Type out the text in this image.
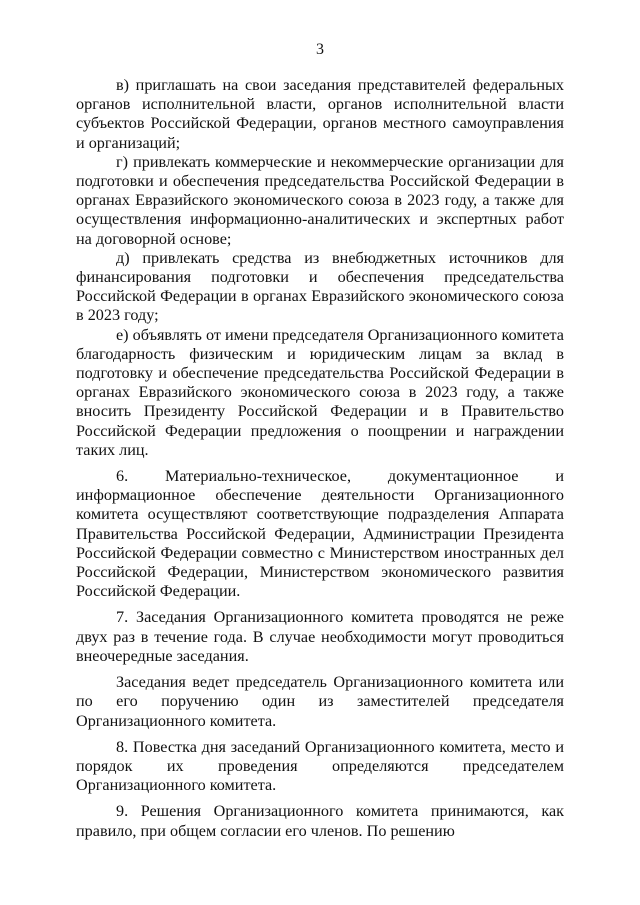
3

в) приглашать на свои заседания представителей федеральных органов исполнительной власти, органов исполнительной власти субъектов Российской Федерации, органов местного самоуправления и организаций;

г) привлекать коммерческие и некоммерческие организации для подготовки и обеспечения председательства Российской Федерации в органах Евразийского экономического союза в 2023 году, а также для осуществления информационно-аналитических и экспертных работ на договорной основе;

д) привлекать средства из внебюджетных источников для финансирования подготовки и обеспечения председательства Российской Федерации в органах Евразийского экономического союза в 2023 году;

е) объявлять от имени председателя Организационного комитета благодарность физическим и юридическим лицам за вклад в подготовку и обеспечение председательства Российской Федерации в органах Евразийского экономического союза в 2023 году, а также вносить Президенту Российской Федерации и в Правительство Российской Федерации предложения о поощрении и награждении таких лиц.

6. Материально-техническое, документационное и информационное обеспечение деятельности Организационного комитета осуществляют соответствующие подразделения Аппарата Правительства Российской Федерации, Администрации Президента Российской Федерации совместно с Министерством иностранных дел Российской Федерации, Министерством экономического развития Российской Федерации.

7. Заседания Организационного комитета проводятся не реже двух раз в течение года. В случае необходимости могут проводиться внеочередные заседания.

Заседания ведет председатель Организационного комитета или по его поручению один из заместителей председателя Организационного комитета.

8. Повестка дня заседаний Организационного комитета, место и порядок их проведения определяются председателем Организационного комитета.

9. Решения Организационного комитета принимаются, как правило, при общем согласии его членов. По решению
